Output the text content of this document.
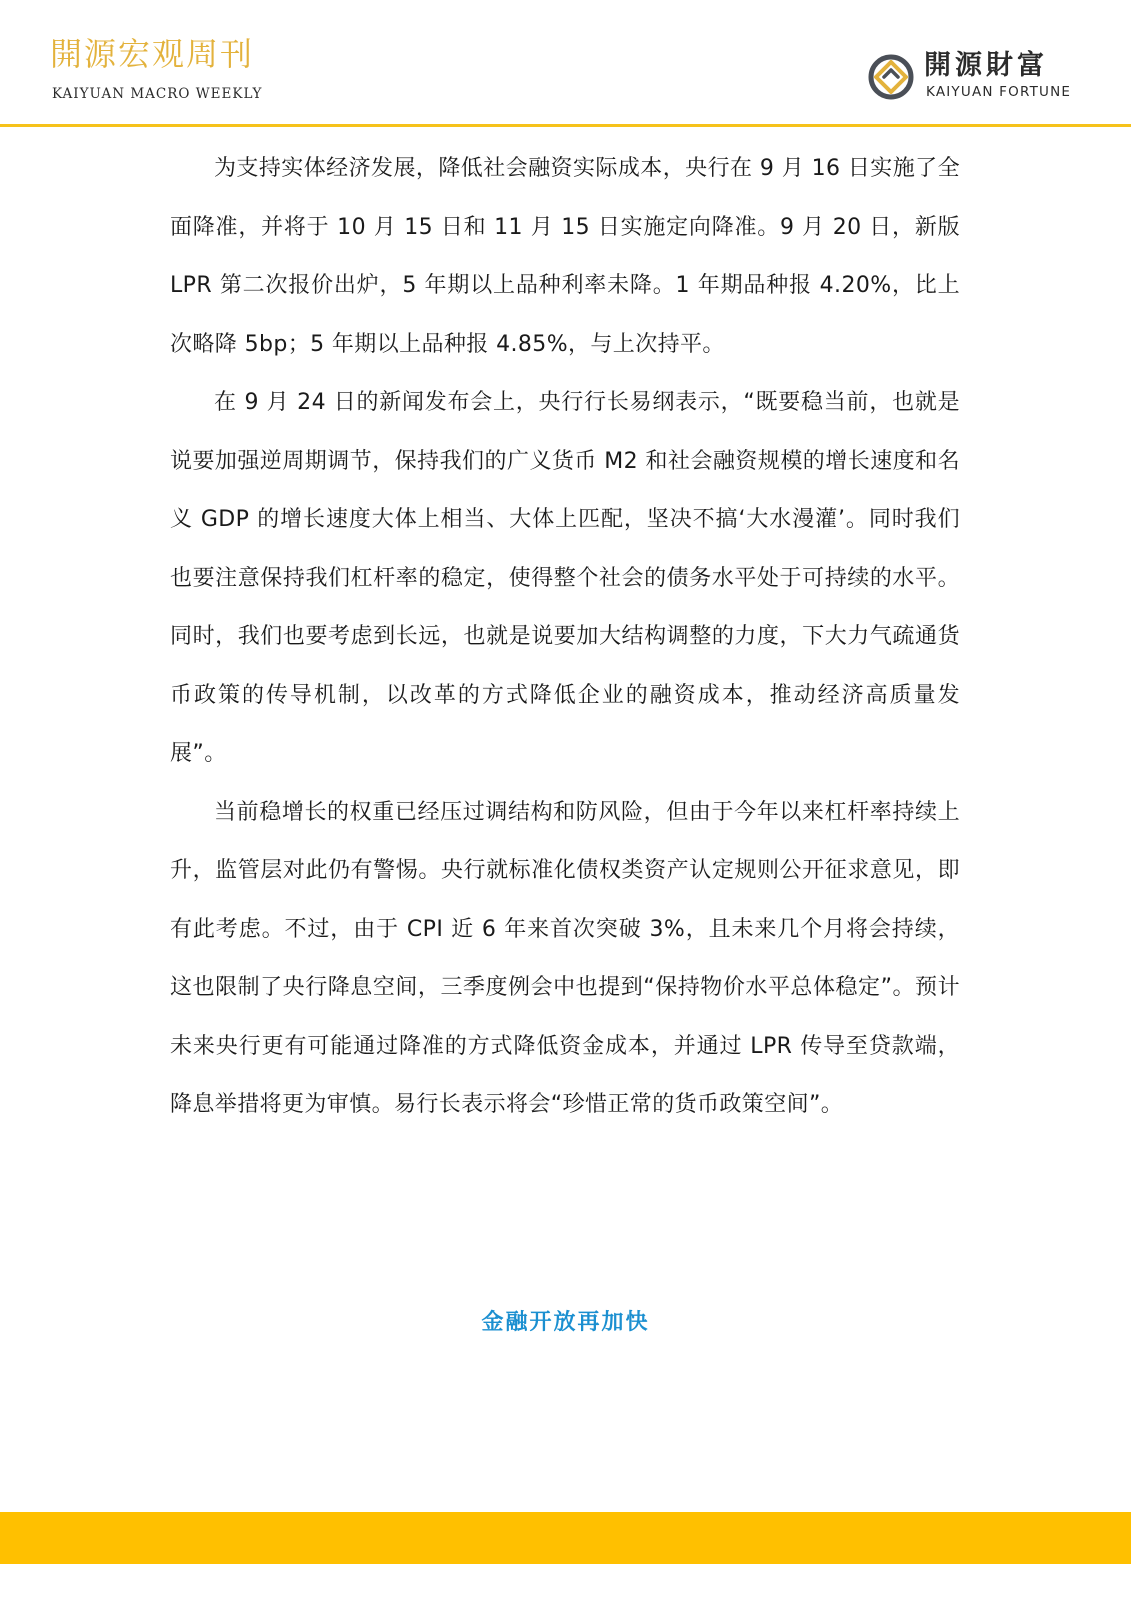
開源宏观周刊
KAIYUAN MACRO WEEKLY
開源財富
KAIYUAN FORTUNE

为支持实体经济发展，降低社会融资实际成本，央行在 9 月 16 日实施了全面降准，并将于 10 月 15 日和 11 月 15 日实施定向降准。9 月 20 日，新版 LPR 第二次报价出炉，5 年期以上品种利率未降。1 年期品种报 4.20%，比上次略降 5bp；5 年期以上品种报 4.85%，与上次持平。

在 9 月 24 日的新闻发布会上，央行行长易纲表示，“既要稳当前，也就是说要加强逆周期调节，保持我们的广义货币 M2 和社会融资规模的增长速度和名义 GDP 的增长速度大体上相当、大体上匹配，坚决不搞‘大水漫灌’。同时我们也要注意保持我们杠杆率的稳定，使得整个社会的债务水平处于可持续的水平。同时，我们也要考虑到长远，也就是说要加大结构调整的力度，下大力气疏通货币政策的传导机制，以改革的方式降低企业的融资成本，推动经济高质量发展”。

当前稳增长的权重已经压过调结构和防风险，但由于今年以来杠杆率持续上升，监管层对此仍有警惕。央行就标准化债权类资产认定规则公开征求意见，即有此考虑。不过，由于 CPI 近 6 年来首次突破 3%，且未来几个月将会持续，这也限制了央行降息空间，三季度例会中也提到“保持物价水平总体稳定”。预计未来央行更有可能通过降准的方式降低资金成本，并通过 LPR 传导至贷款端，降息举措将更为审慎。易行长表示将会“珍惜正常的货币政策空间”。

金融开放再加快
